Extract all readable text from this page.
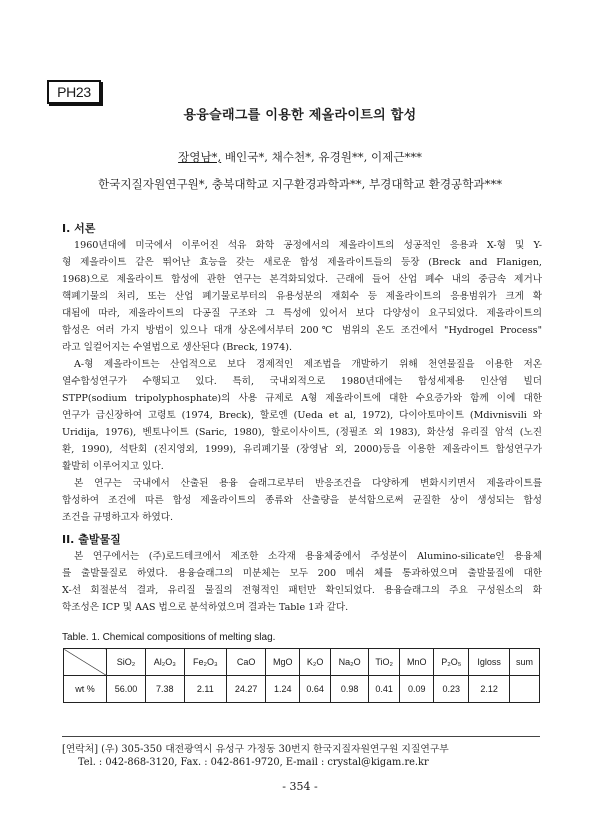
PH23
용융슬래그를 이용한 제올라이트의 합성
장영남*, 배인국*, 채수천*, 유경원**, 이제근***
한국지질자원연구원*, 충북대학교 지구환경과학과**, 부경대학교 환경공학과***
I. 서론
1960년대에 미국에서 이루어진 석유 화학 공정에서의 제올라이트의 성공적인 응용과 X-형 및 Y-
형 제올라이트 같은 뛰어난 효능을 갖는 새로운 합성 제올라이트들의 등장 (Breck and Flanigen,
1968)으로 제올라이트 합성에 관한 연구는 본격화되었다. 근래에 들어 산업 폐수 내의 중금속 제거나
핵폐기물의 처리, 또는 산업 폐기물로부터의 유용성분의 재회수 등 제올라이트의 응용범위가 크게 확
대됨에 따라, 제올라이트의 다공질 구조와 그 특성에 있어서 보다 다양성이 요구되었다. 제올라이트의
합성은 여러 가지 방법이 있으나 대개 상온에서부터 200℃ 범위의 온도 조건에서 "Hydrogel Process"
라고 일컬어지는 수열법으로 생산된다 (Breck, 1974).
A-형 제올라이트는 산업적으로 보다 경제적인 제조법을 개발하기 위해 천연물질을 이용한 저온
열수합성연구가 수행되고 있다. 특히, 국내외적으로 1980년대에는 합성세제용 인산염 빌더
STPP(sodium tripolyphosphate)의 사용 규제로 A형 제올라이트에 대한 수요증가와 함께 이에 대한
연구가 급신장하여 고령토 (1974, Breck), 할로엔 (Ueda et al, 1972), 다이아토마이트 (Mdivnisvili 와
Uridija, 1976), 벤토나이트 (Saric, 1980), 할로이사이트, (정필조 외 1983), 화산성 유리질 암석 (노진
환, 1990), 석탄회 (진지영외, 1999), 유리폐기물 (장영남 외, 2000)등을 이용한 제올라이트 합성연구가
활발히 이루어지고 있다.
본 연구는 국내에서 산출된 용융 슬래그로부터 반응조건을 다양하게 변화시키면서 제올라이트를
합성하여 조건에 따른 합성 제올라이트의 종류와 산출량을 분석함으로써 균질한 상이 생성되는 합성
조건을 규명하고자 하였다.
II. 출발물질
본 연구에서는 (주)로드테크에서 제조한 소각재 용융체중에서 주성분이 Alumino-silicate인 용융체
를 출발물질로 하였다. 용융슬래그의 미분체는 모두 200 메쉬 체를 통과하였으며 출발물질에 대한
X-선 회절분석 결과, 유리질 물질의 전형적인 패턴만 확인되었다. 용융슬래그의 주요 구성원소의 화
학조성은 ICP 및 AAS 법으로 분석하였으며 결과는 Table 1과 같다.
Table. 1. Chemical compositions of melting slag.
	SiO₂	Al₂O₃	Fe₂O₃	CaO	MgO	K₂O	Na₂O	TiO₂	MnO	P₂O₅	Igloss	sum
wt %	56.00	7.38	2.11	24.27	1.24	0.64	0.98	0.41	0.09	0.23	2.12	
[연락처] (우) 305-350 대전광역시 유성구 가정동 30번지 한국지질자원연구원 지질연구부
Tel. : 042-868-3120, Fax. : 042-861-9720, E-mail : crystal@kigam.re.kr
- 354 -
